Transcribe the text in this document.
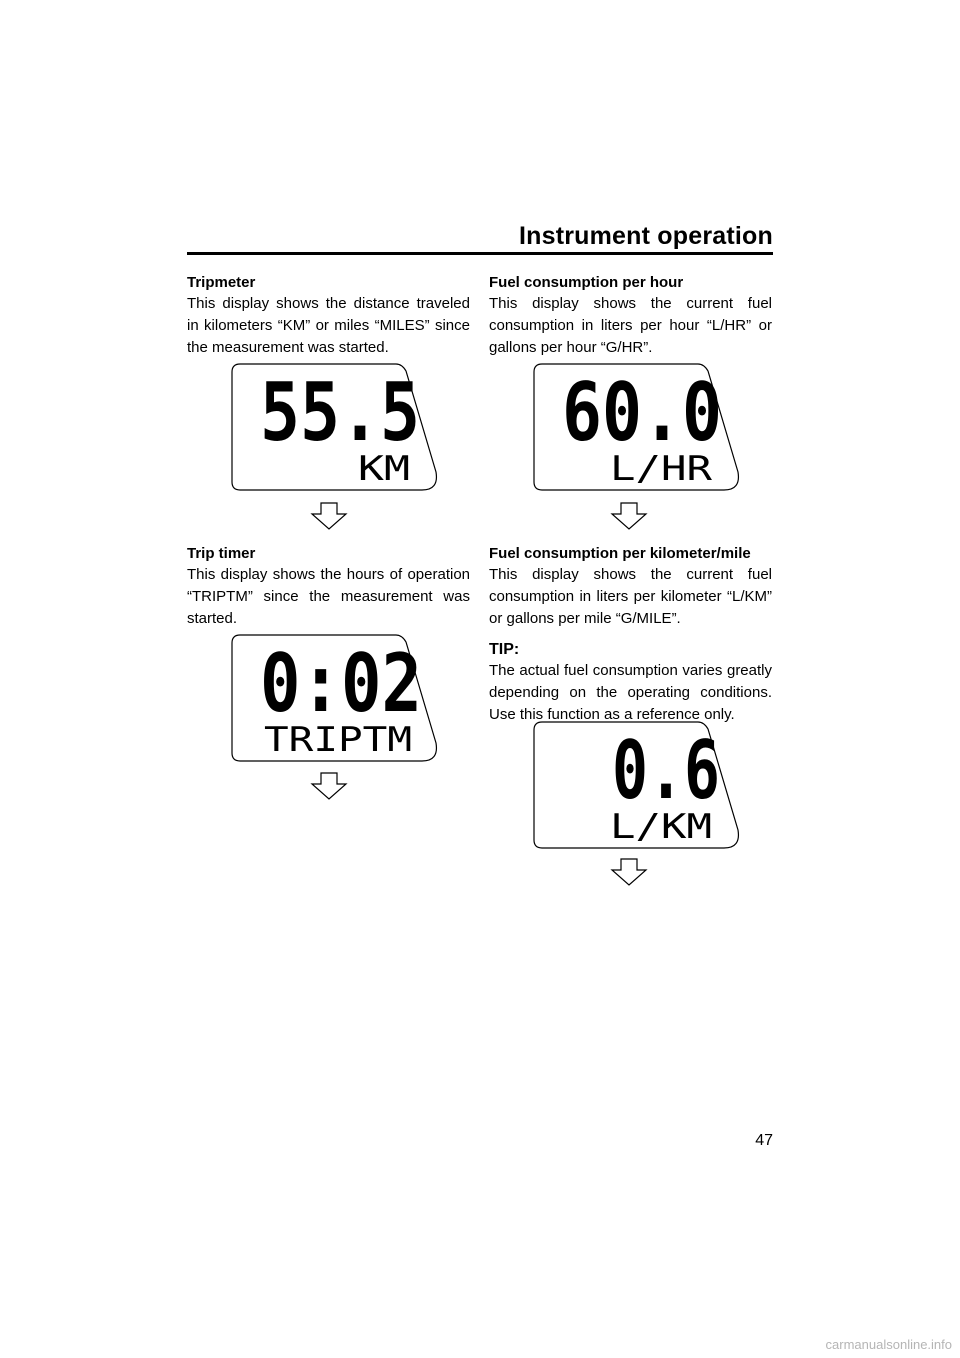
Instrument operation
Tripmeter

This display shows the distance traveled in kilometers “KM” or miles “MILES” since the measurement was started.

Trip timer

This display shows the hours of operation “TRIPTM” since the measurement was started.

Fuel consumption per hour

This display shows the current fuel consumption in liters per hour “L/HR” or gallons per hour “G/HR”.

Fuel consumption per kilometer/mile

This display shows the current fuel consumption in liters per kilometer “L/KM” or gallons per mile “G/MILE”.

TIP:

The actual fuel consumption varies greatly depending on the operating conditions. Use this function as a reference only.

55.5
KM
0:02
TRIPTM
60.0
L/HR
0.6
L/KM
47
carmanualsonline.info
